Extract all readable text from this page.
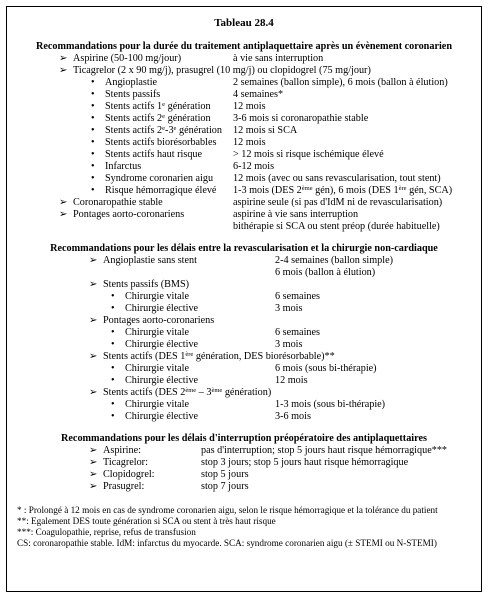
Tableau 28.4
Recommandations pour la durée du traitement antiplaquettaire après un évènement coronarien
➢ Aspirine (50-100 mg/jour)	à vie sans interruption
➢ Ticagrelor (2 x 90 mg/j), prasugrel (10 mg/j) ou clopidogrel (75 mg/jour)
•	Angioplastie	2 semaines (ballon simple), 6 mois (ballon à élution)
•	Stents passifs	4 semaines*
•	Stents actifs 1e génération	12 mois
•	Stents actifs 2e génération	3-6 mois si coronaropathie stable
•	Stents actifs 2e-3e génération	12 mois si SCA
•	Stents actifs biorésorbables	12 mois
•	Stents actifs haut risque	> 12 mois si risque ischémique élevé
•	Infarctus	6-12 mois
•	Syndrome coronarien aigu	12 mois (avec ou sans revascularisation, tout stent)
•	Risque hémorragique élevé	1-3 mois (DES 2ème gén), 6 mois (DES 1ère gén, SCA)
➢ Coronaropathie stable	aspirine seule (si pas d'IdM ni de revascularisation)
➢ Pontages aorto-coronariens	aspirine à vie sans interruption
bithérapie si SCA ou stent préop (durée habituelle)
Recommandations pour les délais entre la revascularisation et la chirurgie non-cardiaque
➢ Angioplastie sans stent	2-4 semaines (ballon simple)
6 mois (ballon à élution)
➢ Stents passifs (BMS)
•	Chirurgie vitale	6 semaines
•	Chirurgie élective	3 mois
➢ Pontages aorto-coronariens
•	Chirurgie vitale	6 semaines
•	Chirurgie élective	3 mois
➢ Stents actifs (DES 1ère génération, DES biorésorbable)**
•	Chirurgie vitale	6 mois (sous bi-thérapie)
•	Chirurgie élective	12 mois
➢ Stents actifs (DES 2ème – 3ème génération)
•	Chirurgie vitale	1-3 mois (sous bi-thérapie)
•	Chirurgie élective	3-6 mois
Recommandations pour les délais d'interruption préopératoire des antiplaquettaires
➢ Aspirine:	pas d'interruption; stop 5 jours haut risque hémorragique***
➢ Ticagrelor:	stop 3 jours; stop 5 jours haut risque hémorragique
➢ Clopidogrel:	stop 5 jours
➢ Prasugrel:	stop 7 jours
* : Prolongé à 12 mois en cas de syndrome coronarien aigu, selon le risque hémorragique et la tolérance du patient
**: Egalement DES toute génération si SCA ou stent à très haut risque
***: Coagulopathie, reprise, refus de transfusion
CS: coronaropathie stable. IdM: infarctus du myocarde. SCA: syndrome coronarien aigu (± STEMI ou N-STEMI)
